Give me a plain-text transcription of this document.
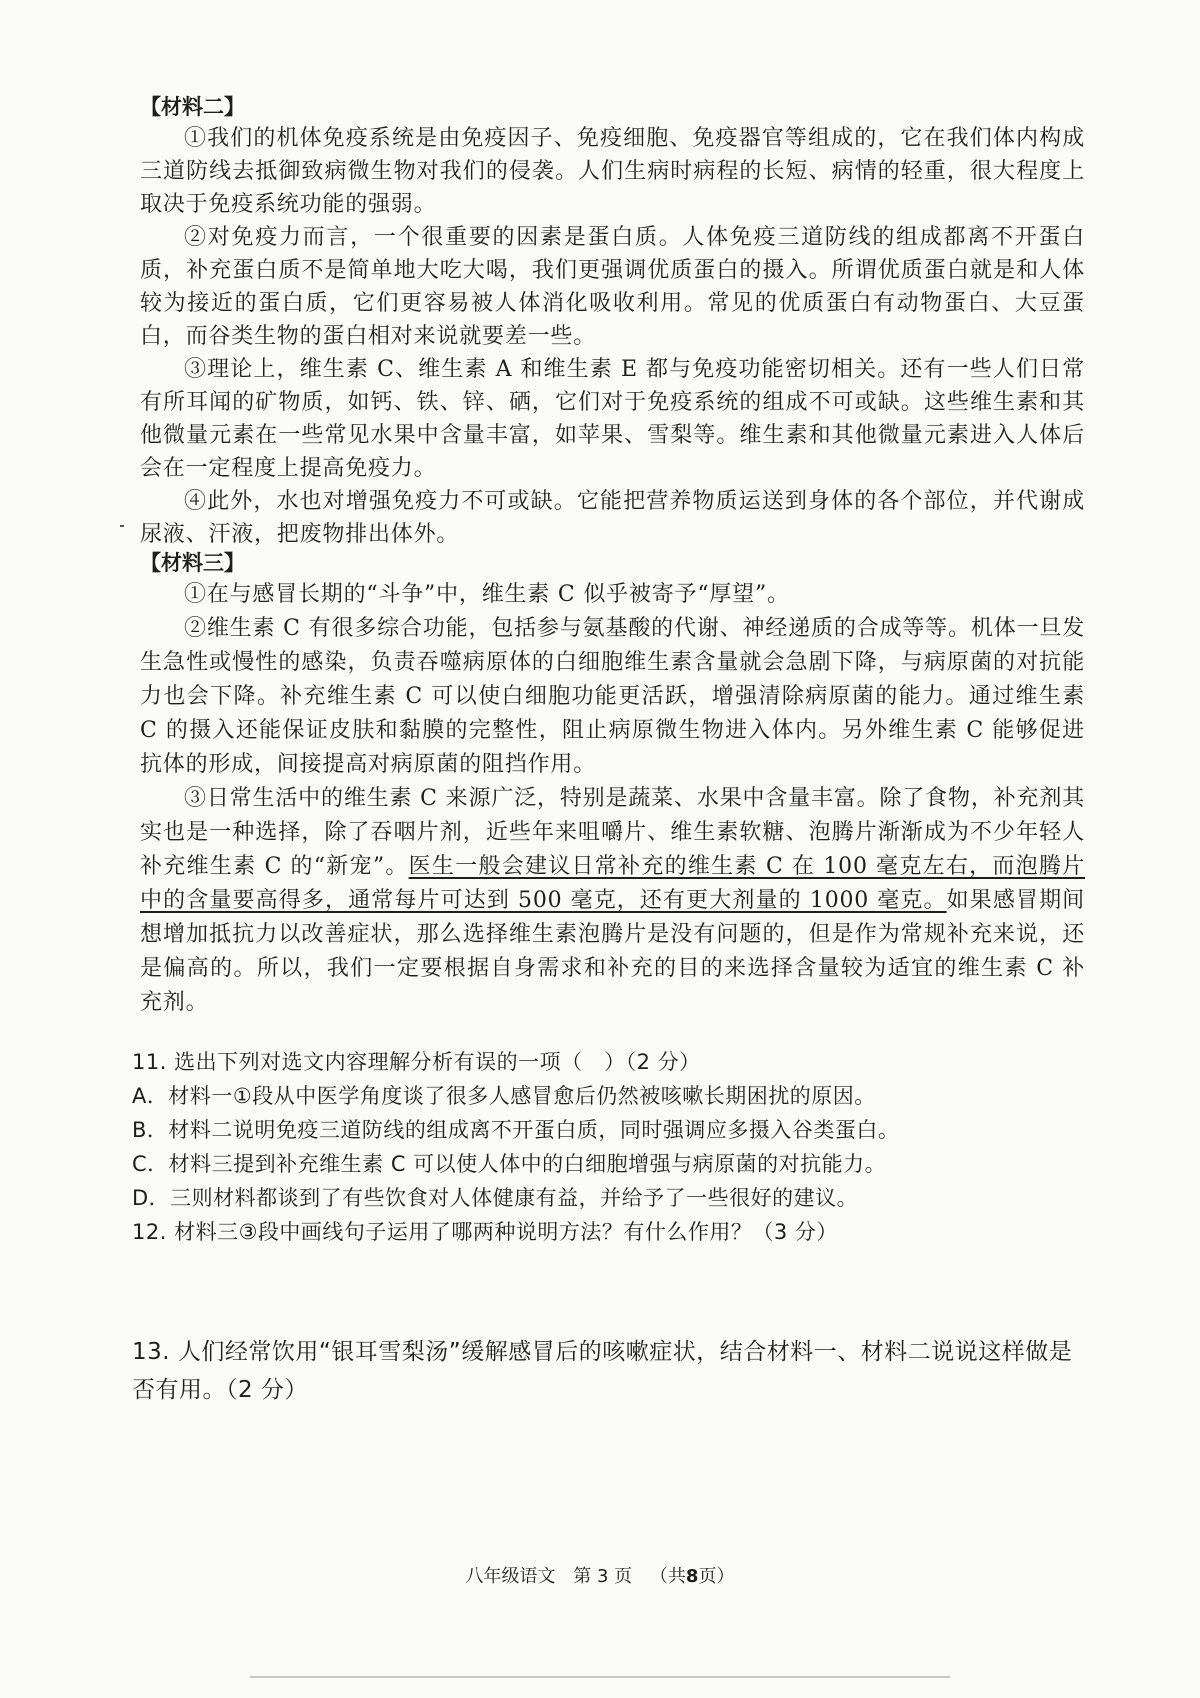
【材料二】

①我们的机体免疫系统是由免疫因子、免疫细胞、免疫器官等组成的，它在我们体内构成三道防线去抵御致病微生物对我们的侵袭。人们生病时病程的长短、病情的轻重，很大程度上取决于免疫系统功能的强弱。

②对免疫力而言，一个很重要的因素是蛋白质。人体免疫三道防线的组成都离不开蛋白质，补充蛋白质不是简单地大吃大喝，我们更强调优质蛋白的摄入。所谓优质蛋白就是和人体较为接近的蛋白质，它们更容易被人体消化吸收利用。常见的优质蛋白有动物蛋白、大豆蛋白，而谷类生物的蛋白相对来说就要差一些。

③理论上，维生素 C、维生素 A 和维生素 E 都与免疫功能密切相关。还有一些人们日常有所耳闻的矿物质，如钙、铁、锌、硒，它们对于免疫系统的组成不可或缺。这些维生素和其他微量元素在一些常见水果中含量丰富，如苹果、雪梨等。维生素和其他微量元素进入人体后会在一定程度上提高免疫力。

④此外，水也对增强免疫力不可或缺。它能把营养物质运送到身体的各个部位，并代谢成尿液、汗液，把废物排出体外。

【材料三】

①在与感冒长期的“斗争”中，维生素 C 似乎被寄予“厚望”。

②维生素 C 有很多综合功能，包括参与氨基酸的代谢、神经递质的合成等等。机体一旦发生急性或慢性的感染，负责吞噬病原体的白细胞维生素含量就会急剧下降，与病原菌的对抗能力也会下降。补充维生素 C 可以使白细胞功能更活跃，增强清除病原菌的能力。通过维生素 C 的摄入还能保证皮肤和黏膜的完整性，阻止病原微生物进入体内。另外维生素 C 能够促进抗体的形成，间接提高对病原菌的阻挡作用。

③日常生活中的维生素 C 来源广泛，特别是蔬菜、水果中含量丰富。除了食物，补充剂其实也是一种选择，除了吞咽片剂，近些年来咀嚼片、维生素软糖、泡腾片渐渐成为不少年轻人补充维生素 C 的“新宠”。医生一般会建议日常补充的维生素 C 在 100 毫克左右，而泡腾片中的含量要高得多，通常每片可达到 500 毫克，还有更大剂量的 1000 毫克。如果感冒期间想增加抵抗力以改善症状，那么选择维生素泡腾片是没有问题的，但是作为常规补充来说，还是偏高的。所以，我们一定要根据自身需求和补充的目的来选择含量较为适宜的维生素 C 补充剂。

11. 选出下列对选文内容理解分析有误的一项（　）（2 分）

A．材料一①段从中医学角度谈了很多人感冒愈后仍然被咳嗽长期困扰的原因。

B．材料二说明免疫三道防线的组成离不开蛋白质，同时强调应多摄入谷类蛋白。

C．材料三提到补充维生素 C 可以使人体中的白细胞增强与病原菌的对抗能力。

D．三则材料都谈到了有些饮食对人体健康有益，并给予了一些很好的建议。

12. 材料三③段中画线句子运用了哪两种说明方法？有什么作用？（3 分）

13. 人们经常饮用“银耳雪梨汤”缓解感冒后的咳嗽症状，结合材料一、材料二说说这样做是否有用。（2 分）

八年级语文 第 3 页 （共8页）
